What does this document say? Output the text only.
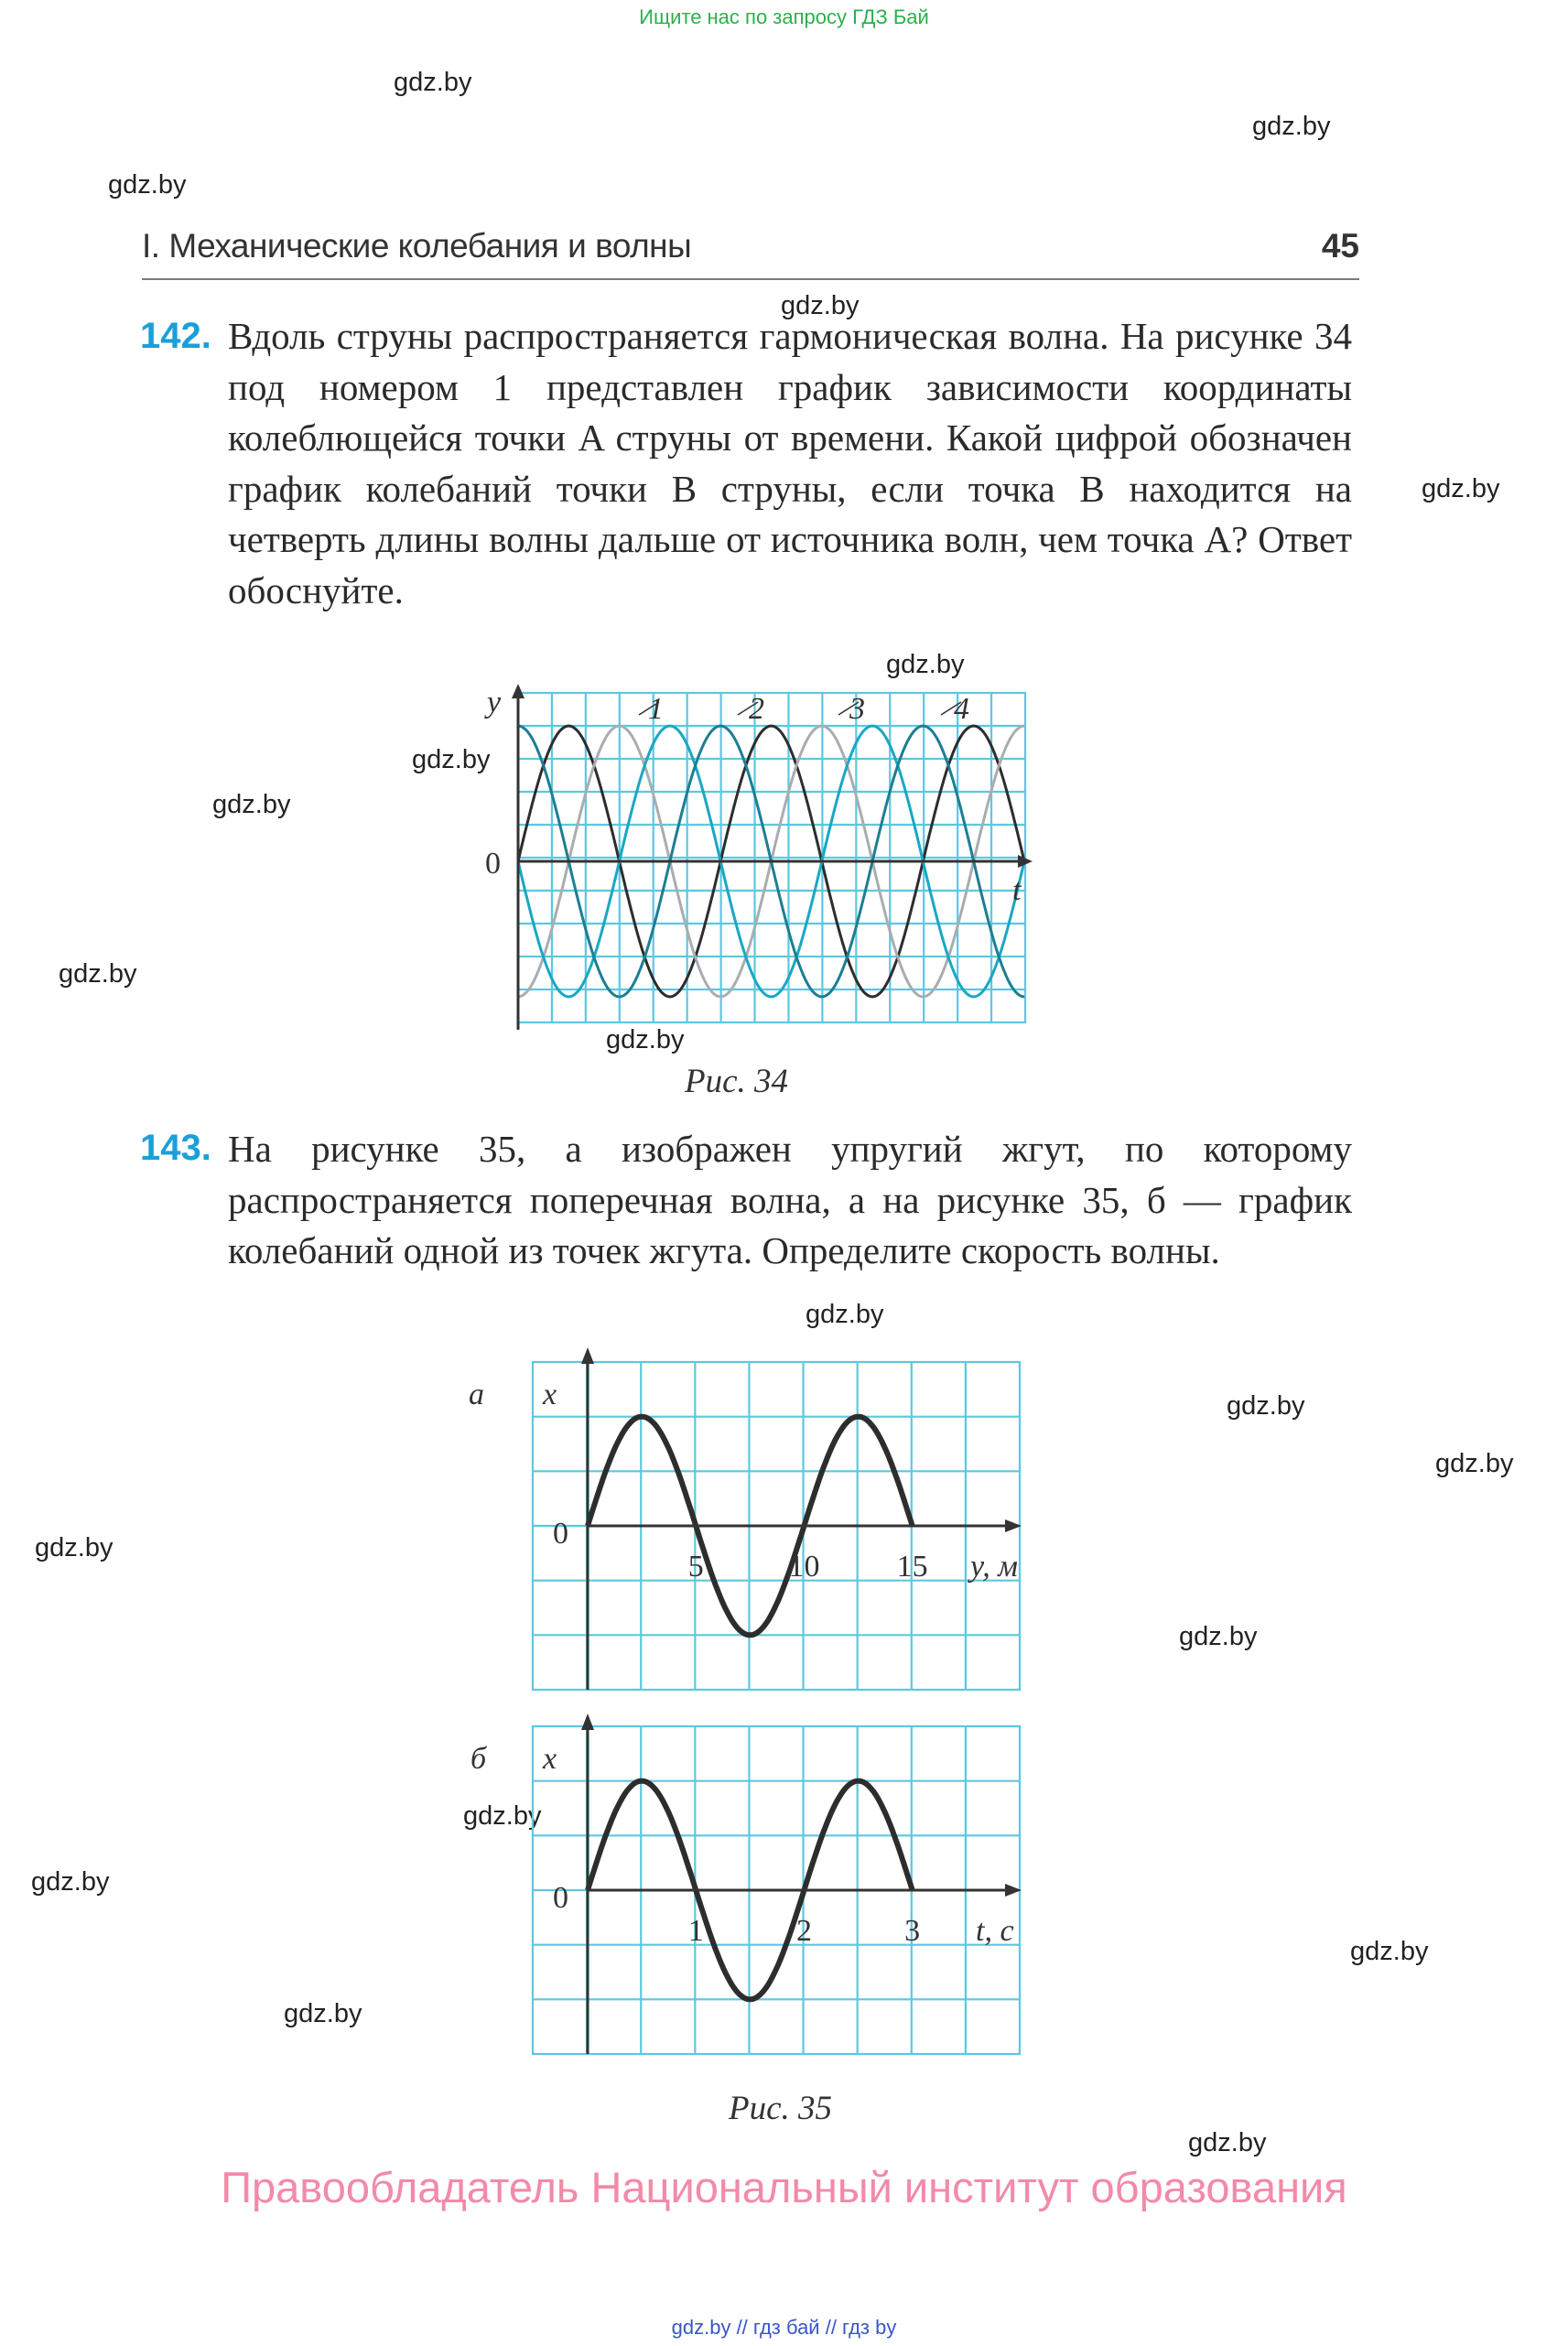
Ищите нас по запросу ГДЗ Бай
gdz.by
gdz.by
gdz.by
gdz.by
gdz.by
gdz.by
gdz.by
gdz.by
gdz.by
gdz.by
gdz.by
gdz.by
gdz.by
gdz.by
gdz.by
gdz.by
gdz.by
gdz.by
gdz.by
gdz.by
I. Механические колебания и волны	45
142. Вдоль струны распространяется гармоническая волна. На рисунке 34 под номером 1 представлен график зависимости координаты колеблющейся точки A струны от времени. Какой цифрой обозначен график колебаний точки B струны, если точка B находится на четверть длины волны дальше от источника волн, чем точка A? Ответ обоснуйте.
y
t
0
1	2	3	4
Рис. 34
143. На рисунке 35, а изображен упругий жгут, по которому распространяется поперечная волна, а на рисунке 35, б — график колебаний одной из точек жгута. Определите скорость волны.
а x
0
5	10 15 y, м
б x
0
1	2	3 t, с
Рис. 35
Правообладатель Национальный институт образования
gdz.by // гдз бай // гдз by
